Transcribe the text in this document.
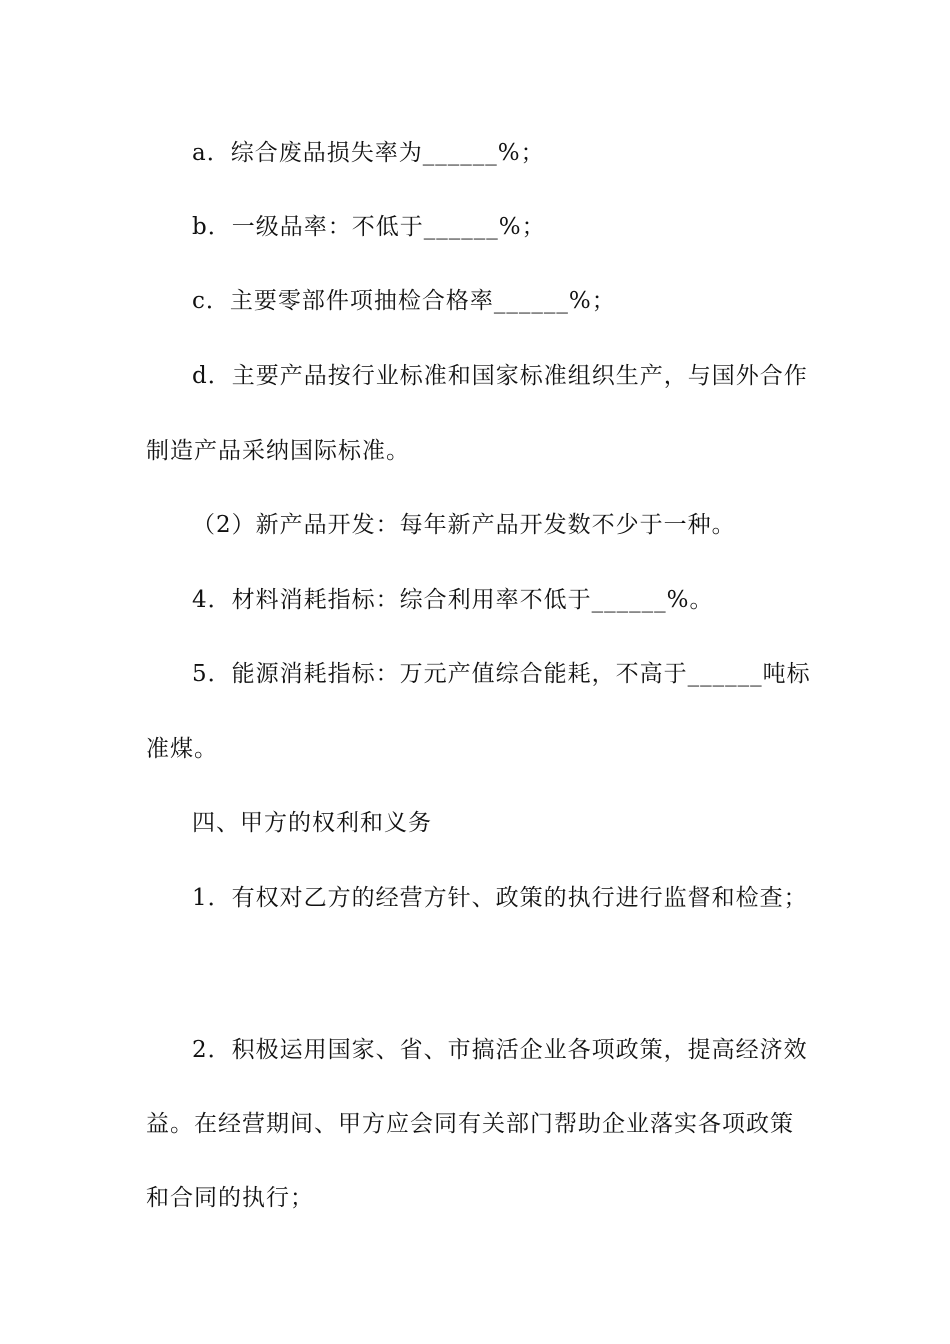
a．综合废品损失率为______%；
b．一级品率：不低于______%；
c．主要零部件项抽检合格率______%；
d．主要产品按行业标准和国家标准组织生产，与国外合作
制造产品采纳国际标准。
（2）新产品开发：每年新产品开发数不少于一种。
4．材料消耗指标：综合利用率不低于______%。
5．能源消耗指标：万元产值综合能耗，不高于______吨标
准煤。
四、甲方的权利和义务
1．有权对乙方的经营方针、政策的执行进行监督和检查；
2．积极运用国家、省、市搞活企业各项政策，提高经济效
益。在经营期间、甲方应会同有关部门帮助企业落实各项政策
和合同的执行；
